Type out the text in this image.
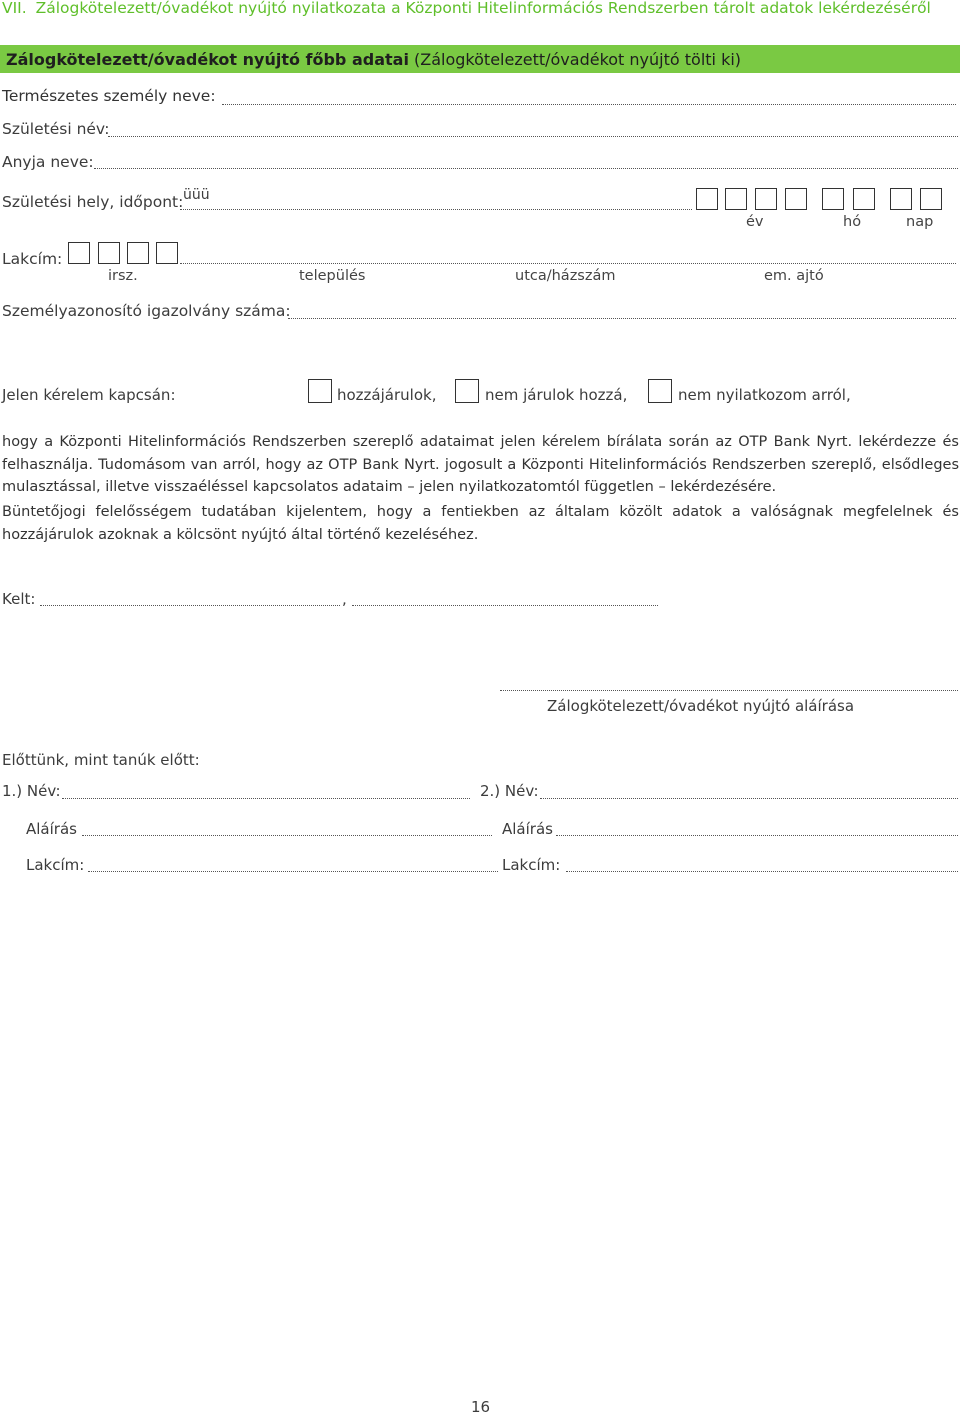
VII. Zálogkötelezett/óvadékot nyújtó nyilatkozata a Központi Hitelinformációs Rendszerben tárolt adatok lekérdezéséről
Zálogkötelezett/óvadékot nyújtó főbb adatai (Zálogkötelezett/óvadékot nyújtó tölti ki)
Természetes személy neve:
Születési név:
Anyja neve:
Születési hely, időpont: üüü
év	hó	nap
Lakcím:
irsz.	település	utca/házszám	em. ajtó
Személyazonosító igazolvány száma:
Jelen kérelem kapcsán:	hozzájárulok,	nem járulok hozzá,	nem nyilatkozom arról,
hogy a Központi Hitelinformációs Rendszerben szereplő adataimat jelen kérelem bírálata során az OTP Bank Nyrt. lekérdezze és felhasználja. Tudomásom van arról, hogy az OTP Bank Nyrt. jogosult a Központi Hitelinformációs Rendszerben szereplő, elsődleges mulasztással, illetve visszaéléssel kapcsolatos adataim – jelen nyilatkozatomtól független – lekérdezésére.
Büntetőjogi felelősségem tudatában kijelentem, hogy a fentiekben az általam közölt adatok a valóságnak megfelelnek és hozzájárulok azoknak a kölcsönt nyújtó által történő kezeléséhez.
Kelt:	,
Zálogkötelezett/óvadékot nyújtó aláírása
Előttünk, mint tanúk előtt:
1.) Név:	2.) Név:
Aláírás	Aláírás
Lakcím:	Lakcím:
16
